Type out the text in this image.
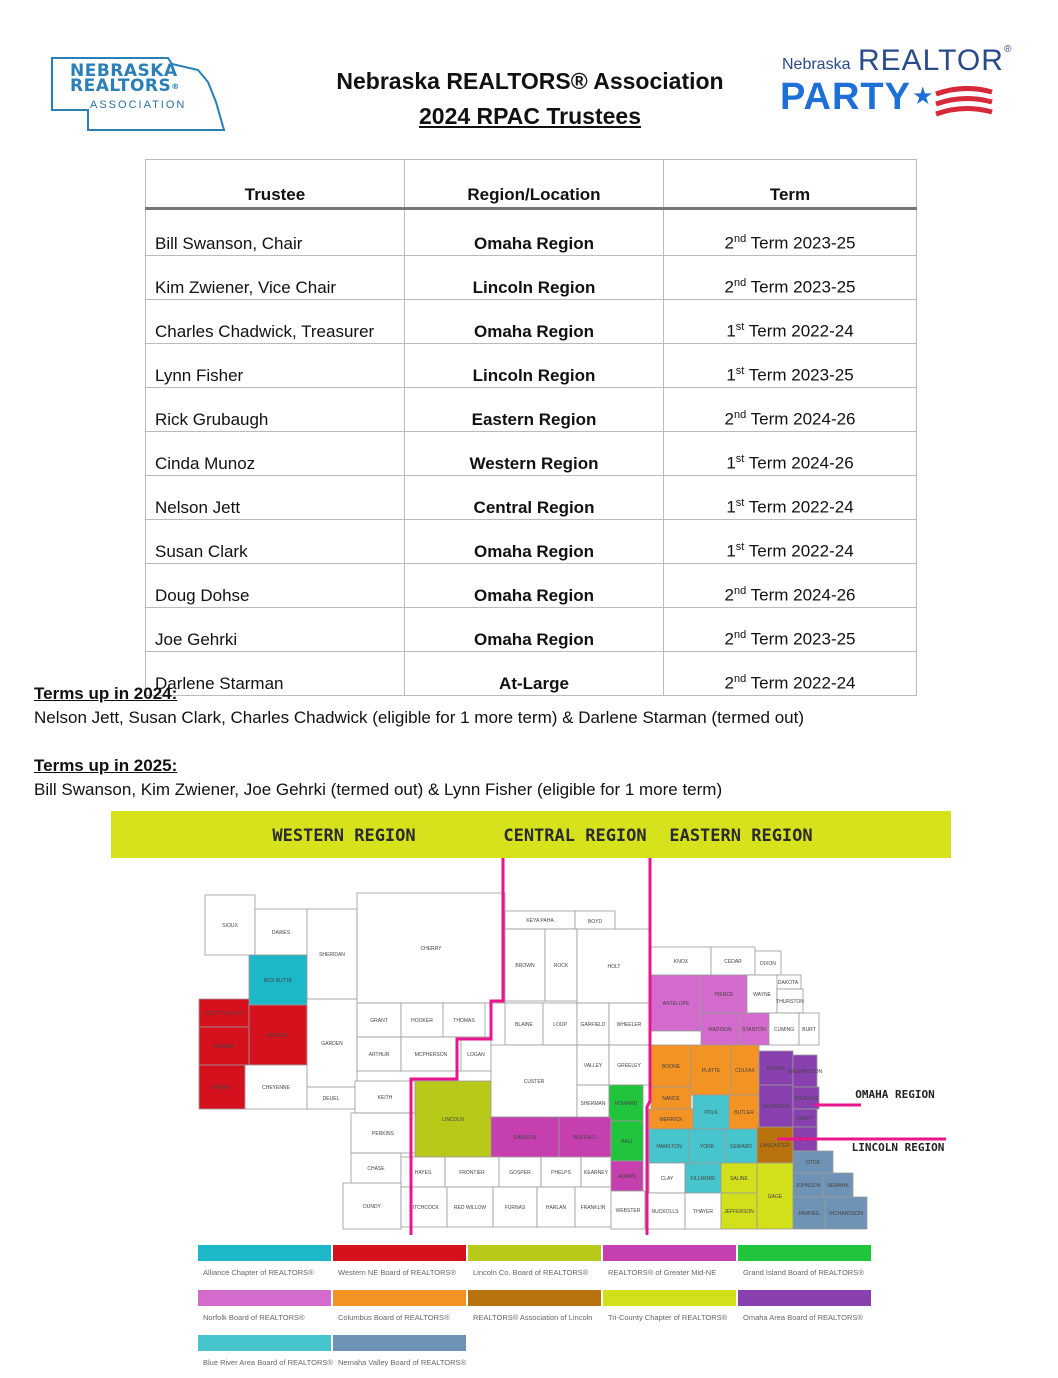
NEBRASKA
REALTORS®
ASSOCIATION
Nebraska REALTORS® Association
2024 RPAC Trustees
Nebraska REALTOR®
PARTY ★
Trustee	Region/Location	Term
Bill Swanson, Chair	Omaha Region	2nd Term 2023-25
Kim Zwiener, Vice Chair	Lincoln Region	2nd Term 2023-25
Charles Chadwick, Treasurer	Omaha Region	1st Term 2022-24
Lynn Fisher	Lincoln Region	1st Term 2023-25
Rick Grubaugh	Eastern Region	2nd Term 2024-26
Cinda Munoz	Western Region	1st Term 2024-26
Nelson Jett	Central Region	1st Term 2022-24
Susan Clark	Omaha Region	1st Term 2022-24
Doug Dohse	Omaha Region	2nd Term 2024-26
Joe Gehrki	Omaha Region	2nd Term 2023-25
Darlene Starman	At-Large	2nd Term 2022-24
Terms up in 2024:
Nelson Jett, Susan Clark, Charles Chadwick (eligible for 1 more term) & Darlene Starman (termed out)
Terms up in 2025:
Bill Swanson, Kim Zwiener, Joe Gehrki (termed out) & Lynn Fisher (eligible for 1 more term)
WESTERN REGION	CENTRAL REGION EASTERN REGION
SIOUX
DAWES
SHERIDAN
CHERRY
KEYA PAHA	BOYD
BROWN	ROCK	HOLT
KNOX	CEDAR	DIXON
DAKOTA
BOX BUTTE
SCOTTS BLUFF
MORRILL
BANNER
KIMBALL
GARDEN
CHEYENNE
DEUEL
GRANT	HOOKER	THOMAS
ARTHUR	MCPHERSON	LOGAN
BLAINE	LOUP	GARFIELD WHEELER
ANTELOPE
PIERCE	WAYNE
THURSTON
MADISON STANTON CUMING BURT
KEITH
LINCOLN
CUSTER
VALLEY	GREELEY	BOONE
PLATTE	COLFAX DODGE WASHINGTON
NANCE
SHERMAN HOWARD
MERRICK
POLK	BUTLER
SAUNDERS
DOUGLAS
SARPY
PERKINS
DAWSON	BUFFALO
HALL
HAMILTON	YORK	SEWARD LANCASTER
CASS
OTOE
CHASE
HAYES	FRONTIER	GOSPER	PHELPS	KEARNEY
ADAMS	CLAY	FILLMORE	SALINE
JOHNSON NEMAHA
DUNDY	HITCHCOCK	RED WILLOW	FURNAS	HARLAN	FRANKLIN WEBSTER NUCKOLLS	THAYER JEFFERSON
GAGE
PAWNEE RICHARDSON
OMAHA REGION
LINCOLN REGION
Alliance Chapter of REALTORS®	Western NE Board of REALTORS® Lincoln Co. Board of REALTORS®	REALTORS® of Greater Mid-NE	Grand Island Board of REALTORS®
Norfolk Board of REALTORS®	Columbus Board of REALTORS®	REALTORS® Association of Lincoln Tri-County Chapter of REALTORS® Omaha Area Board of REALTORS®
Blue River Area Board of REALTORS® Nemaha Valley Board of REALTORS®
